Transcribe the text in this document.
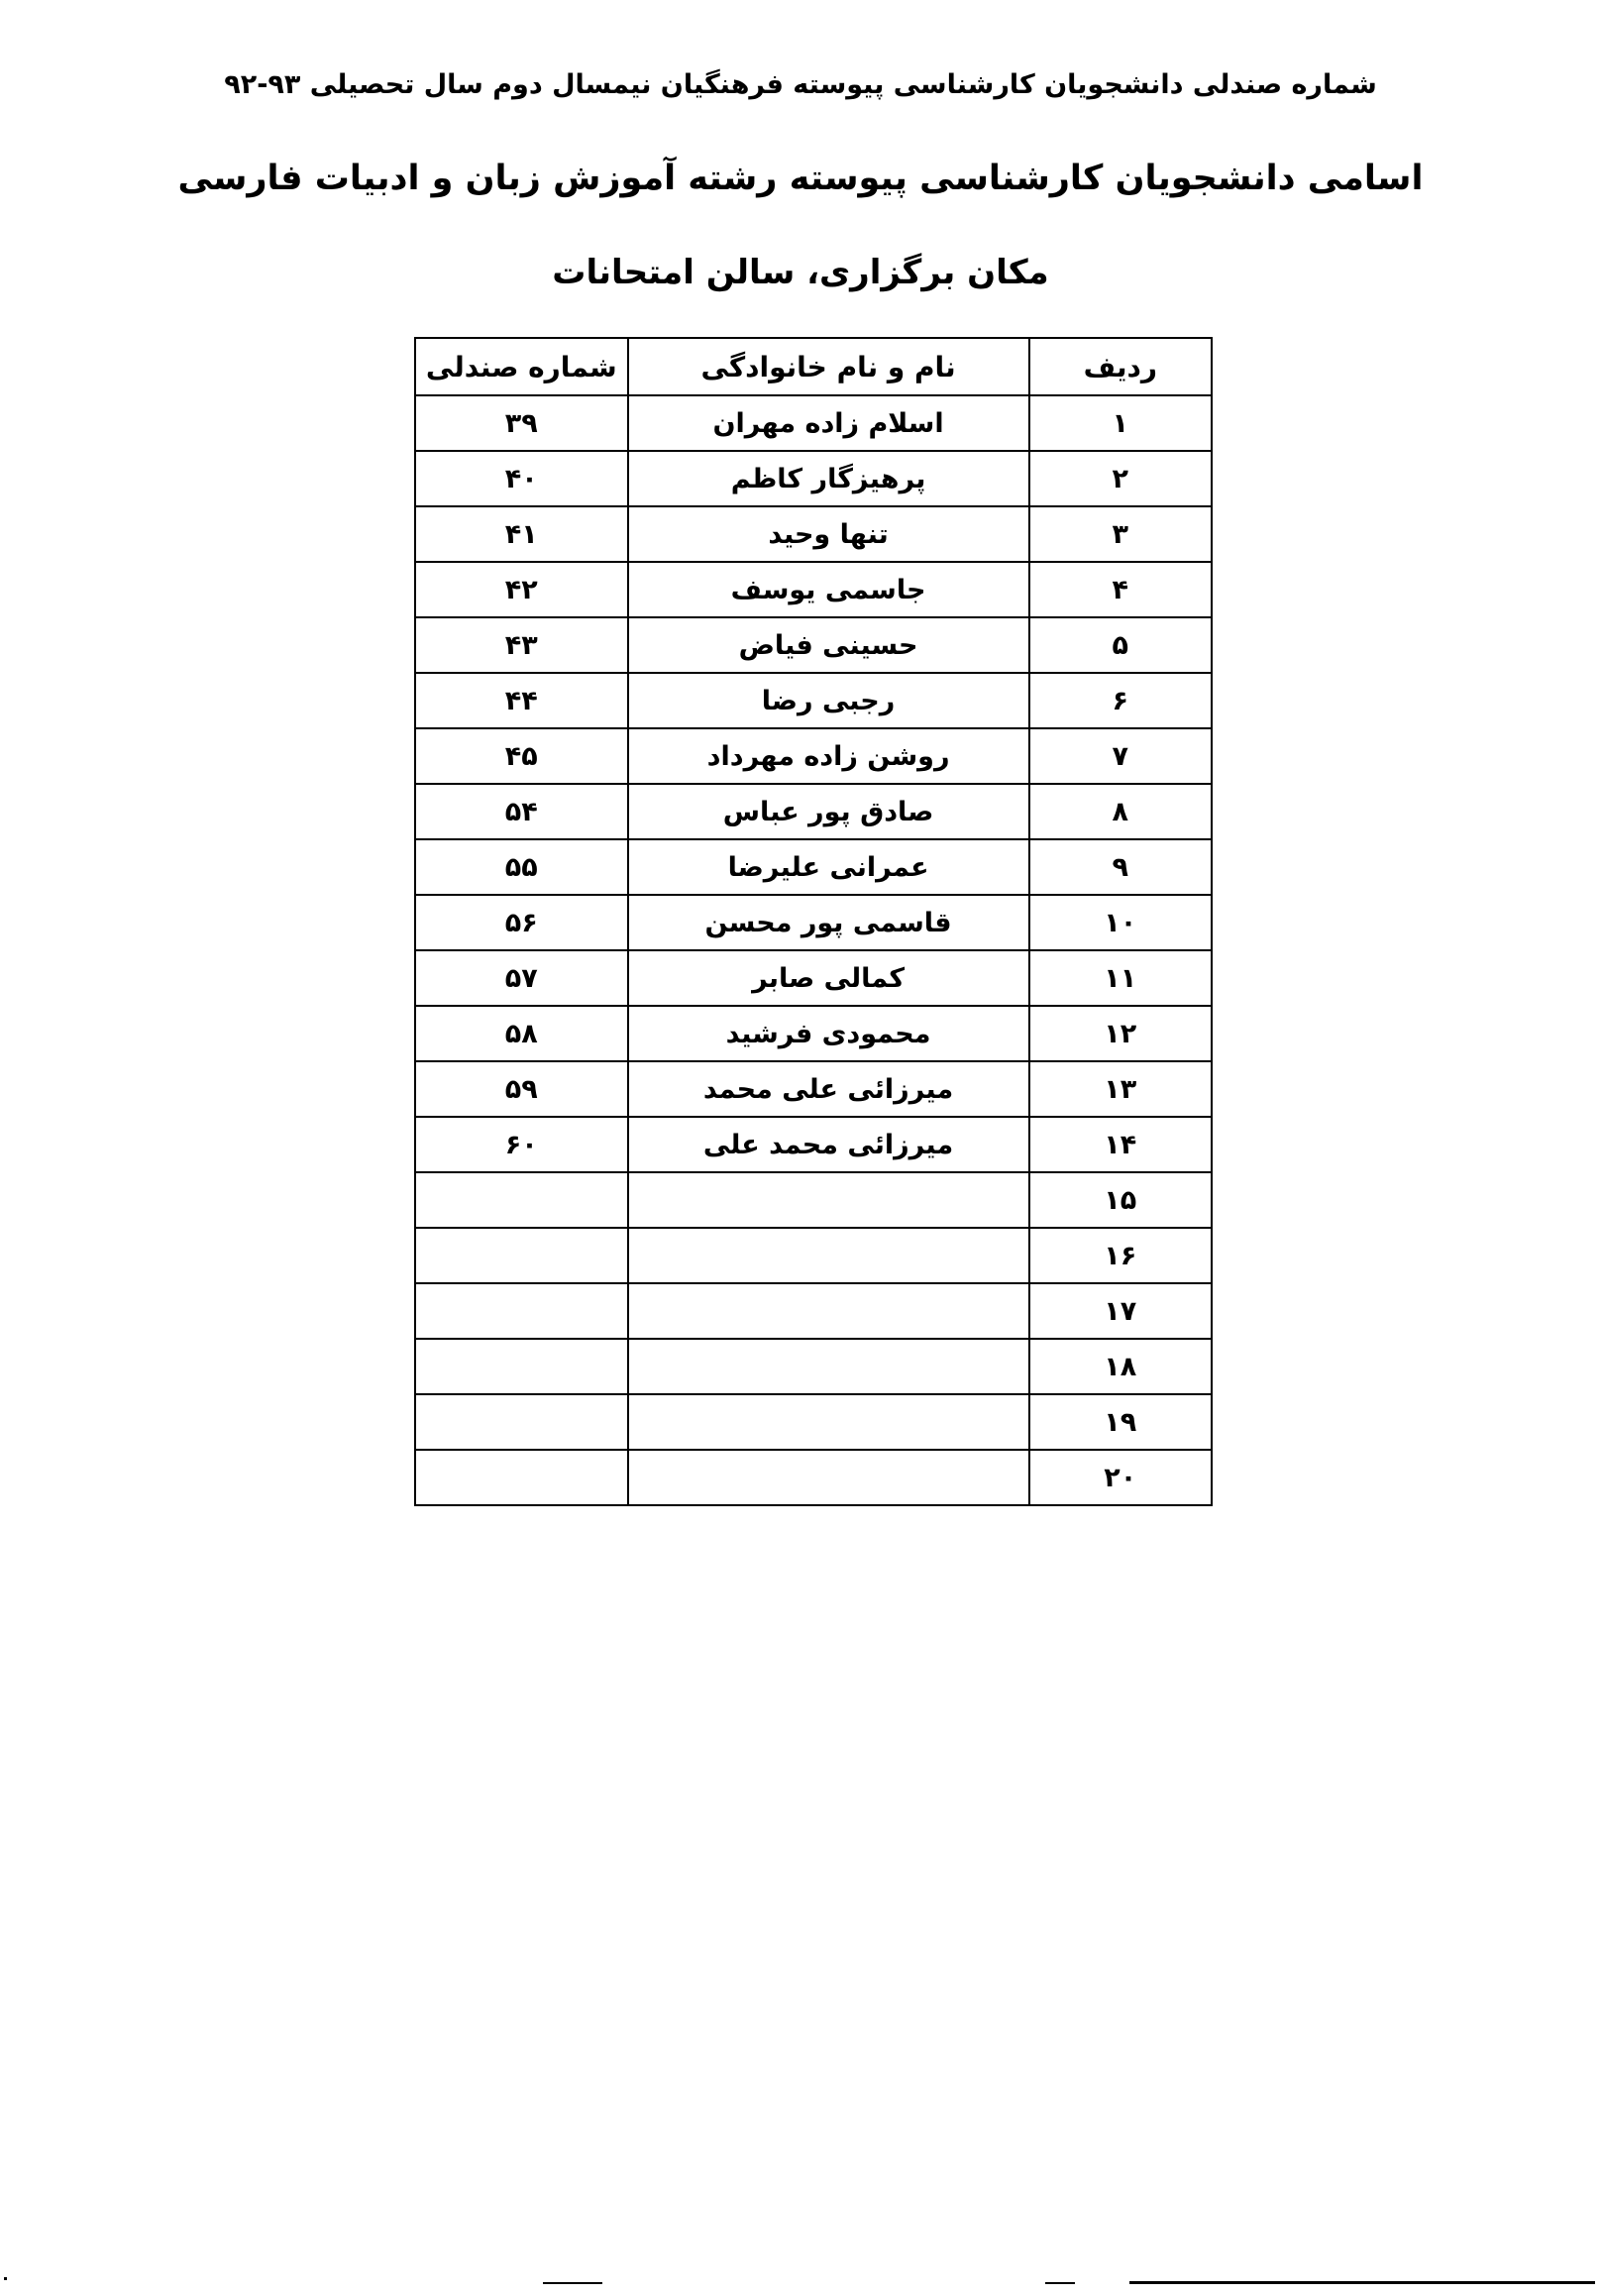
شماره صندلی دانشجویان کارشناسی پیوسته فرهنگیان نیمسال دوم سال تحصیلی ۹۳-۹۲
اسامی دانشجویان کارشناسی پیوسته رشته آموزش زبان و ادبیات فارسی
مکان برگزاری، سالن امتحانات
ردیف	نام و نام خانوادگی	شماره صندلی
۱	اسلام زاده مهران	۳۹
۲	پرهیزگار کاظم	۴۰
۳	تنها وحید	۴۱
۴	جاسمی یوسف	۴۲
۵	حسینی فیاض	۴۳
۶	رجبی رضا	۴۴
۷	روشن زاده مهرداد	۴۵
۸	صادق پور عباس	۵۴
۹	عمرانی علیرضا	۵۵
۱۰	قاسمی پور محسن	۵۶
۱۱	کمالی صابر	۵۷
۱۲	محمودی فرشید	۵۸
۱۳	میرزائی علی محمد	۵۹
۱۴	میرزائی محمد علی	۶۰
۱۵		
۱۶		
۱۷		
۱۸		
۱۹		
۲۰		
